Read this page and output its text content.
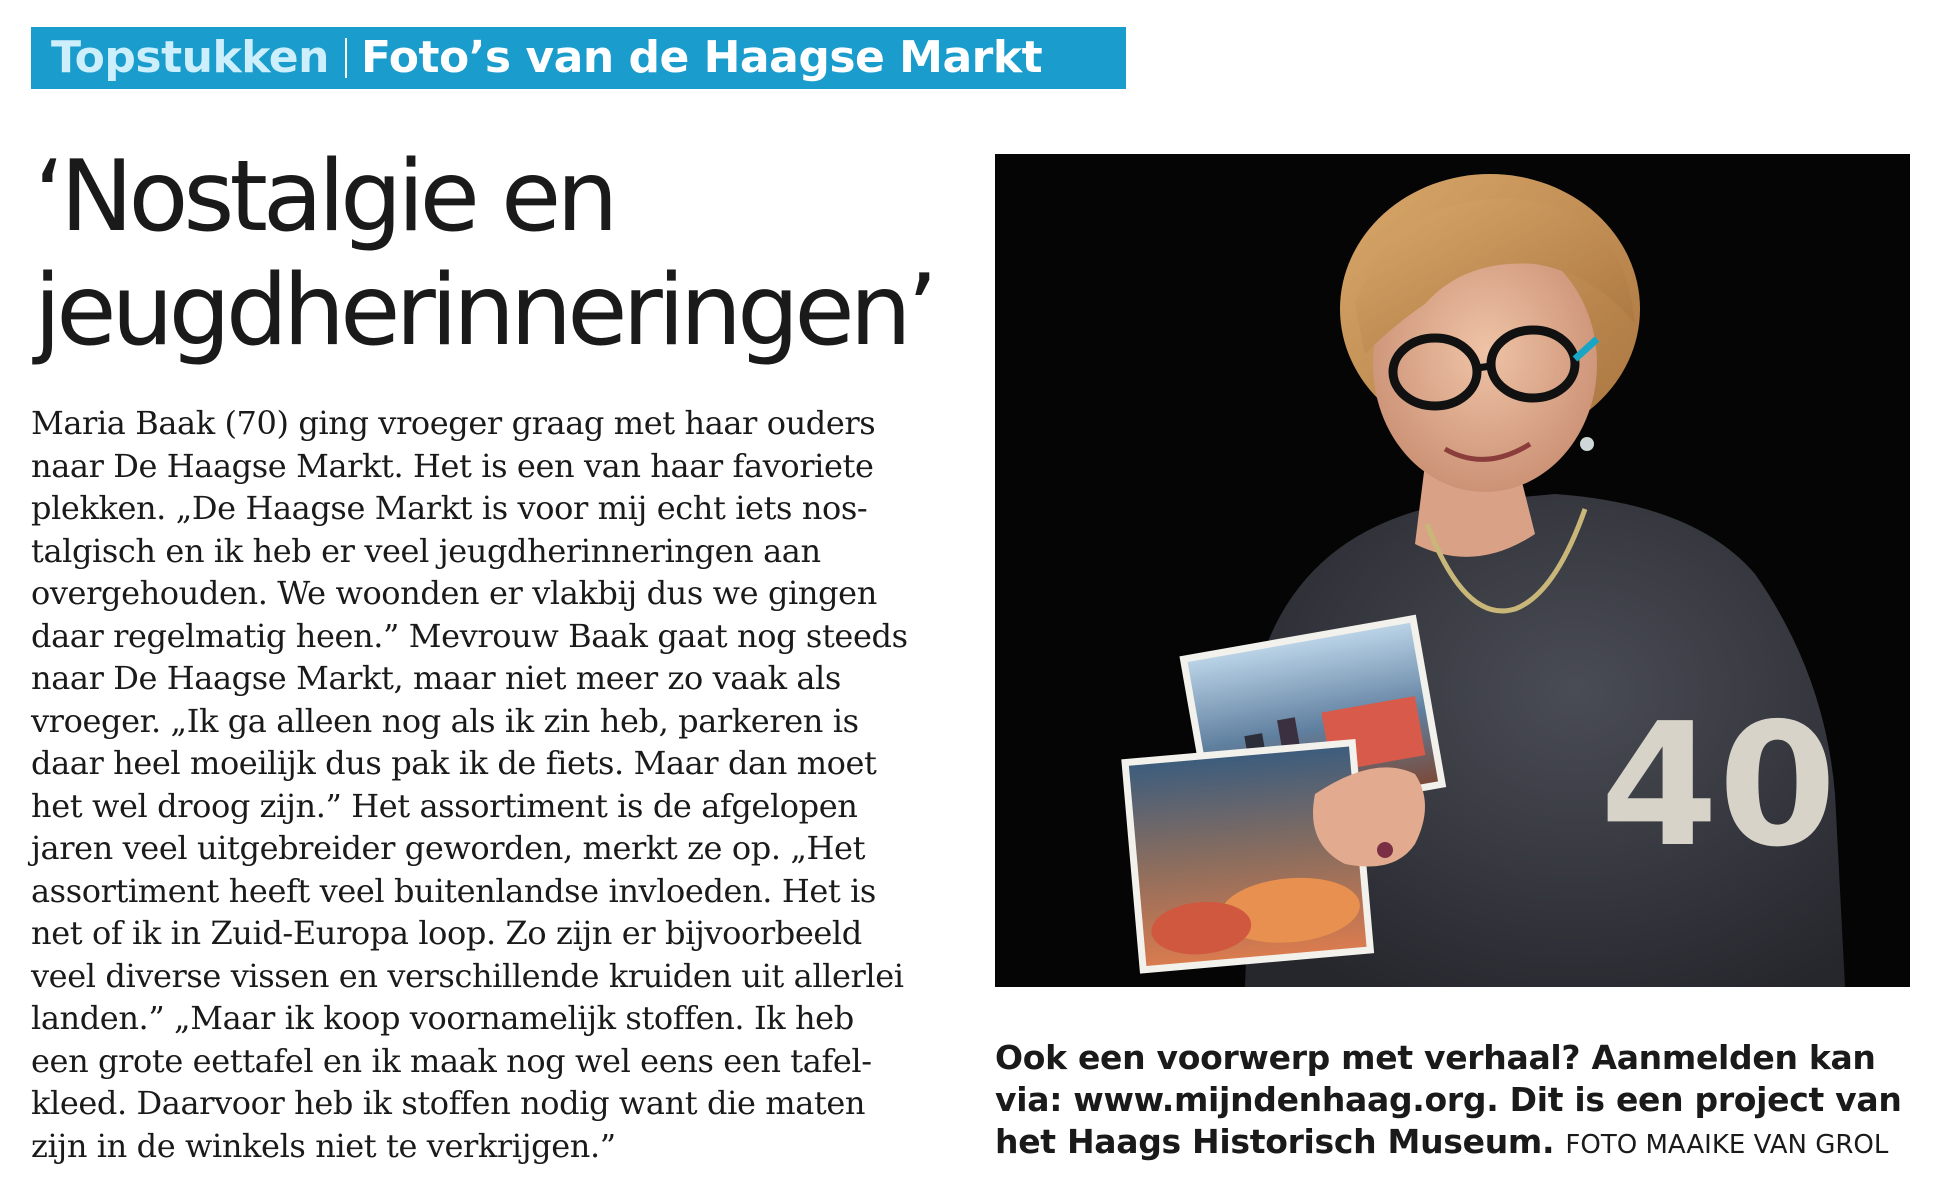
Topstukken Foto’s van de Haagse Markt
‘Nostalgie en
jeugdherinneringen’
Maria Baak (70) ging vroeger graag met haar ouders
naar De Haagse Markt. Het is een van haar favoriete
plekken. „De Haagse Markt is voor mij echt iets nos-
talgisch en ik heb er veel jeugdherinneringen aan
overgehouden. We woonden er vlakbij dus we gingen
daar regelmatig heen.” Mevrouw Baak gaat nog steeds
naar De Haagse Markt, maar niet meer zo vaak als
vroeger. „Ik ga alleen nog als ik zin heb, parkeren is
daar heel moeilijk dus pak ik de fiets. Maar dan moet
het wel droog zijn.” Het assortiment is de afgelopen
jaren veel uitgebreider geworden, merkt ze op. „Het
assortiment heeft veel buitenlandse invloeden. Het is
net of ik in Zuid-Europa loop. Zo zijn er bijvoorbeeld
veel diverse vissen en verschillende kruiden uit allerlei
landen.” „Maar ik koop voornamelijk stoffen. Ik heb
een grote eettafel en ik maak nog wel eens een tafel-
kleed. Daarvoor heb ik stoffen nodig want die maten
zijn in de winkels niet te verkrijgen.”
40
Ook een voorwerp met verhaal? Aanmelden kan
via: www.mijndenhaag.org. Dit is een project van
het Haags Historisch Museum. FOTO MAAIKE VAN GROL
